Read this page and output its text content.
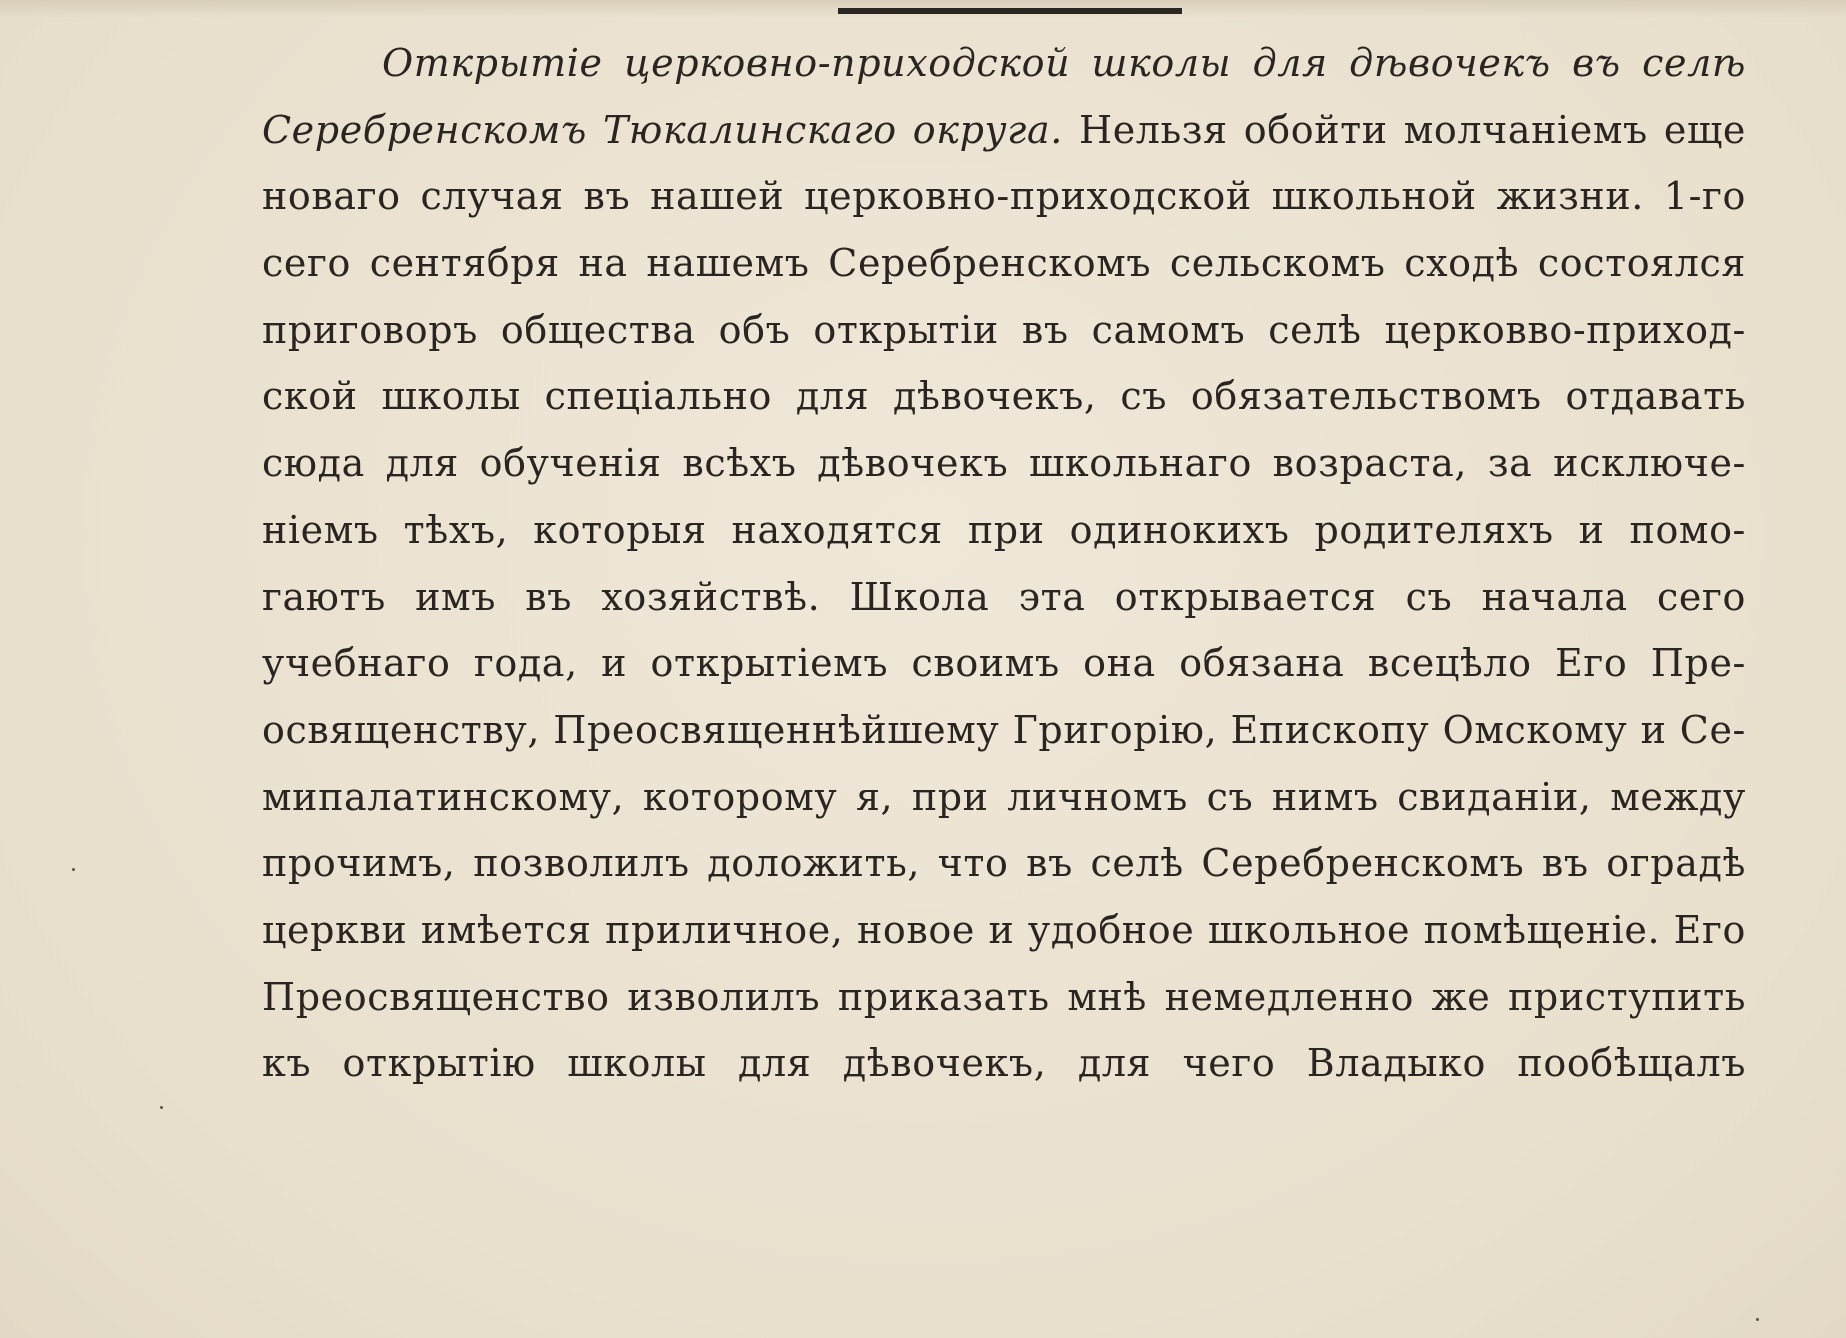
Открытіе церковно-приходской школы для дѣвочекъ въ селѣ
Серебренскомъ Тюкалинскаго округа. Нельзя обойти молчаніемъ еще
новаго случая въ нашей церковно-приходской школьной жизни. 1-го
сего сентября на нашемъ Серебренскомъ сельскомъ сходѣ состоялся
приговоръ общества объ открытіи въ самомъ селѣ церковво-приход-
ской школы спеціально для дѣвочекъ, съ обязательствомъ отдавать
сюда для обученія всѣхъ дѣвочекъ школьнаго возраста, за исключе-
ніемъ тѣхъ, которыя находятся при одинокихъ родителяхъ и помо-
гаютъ имъ въ хозяйствѣ. Школа эта открывается съ начала сего
учебнаго года, и открытіемъ своимъ она обязана всецѣло Его Пре-
освященству, Преосвященнѣйшему Григорію, Епископу Омскому и Се-
мипалатинскому, которому я, при личномъ съ нимъ свиданіи, между
прочимъ, позволилъ доложить, что въ селѣ Серебренскомъ въ оградѣ
церкви имѣется приличное, новое и удобное школьное помѣщеніе. Его
Преосвященство изволилъ приказать мнѣ немедленно же приступить
къ открытію школы для дѣвочекъ, для чего Владыко пообѣщалъ
